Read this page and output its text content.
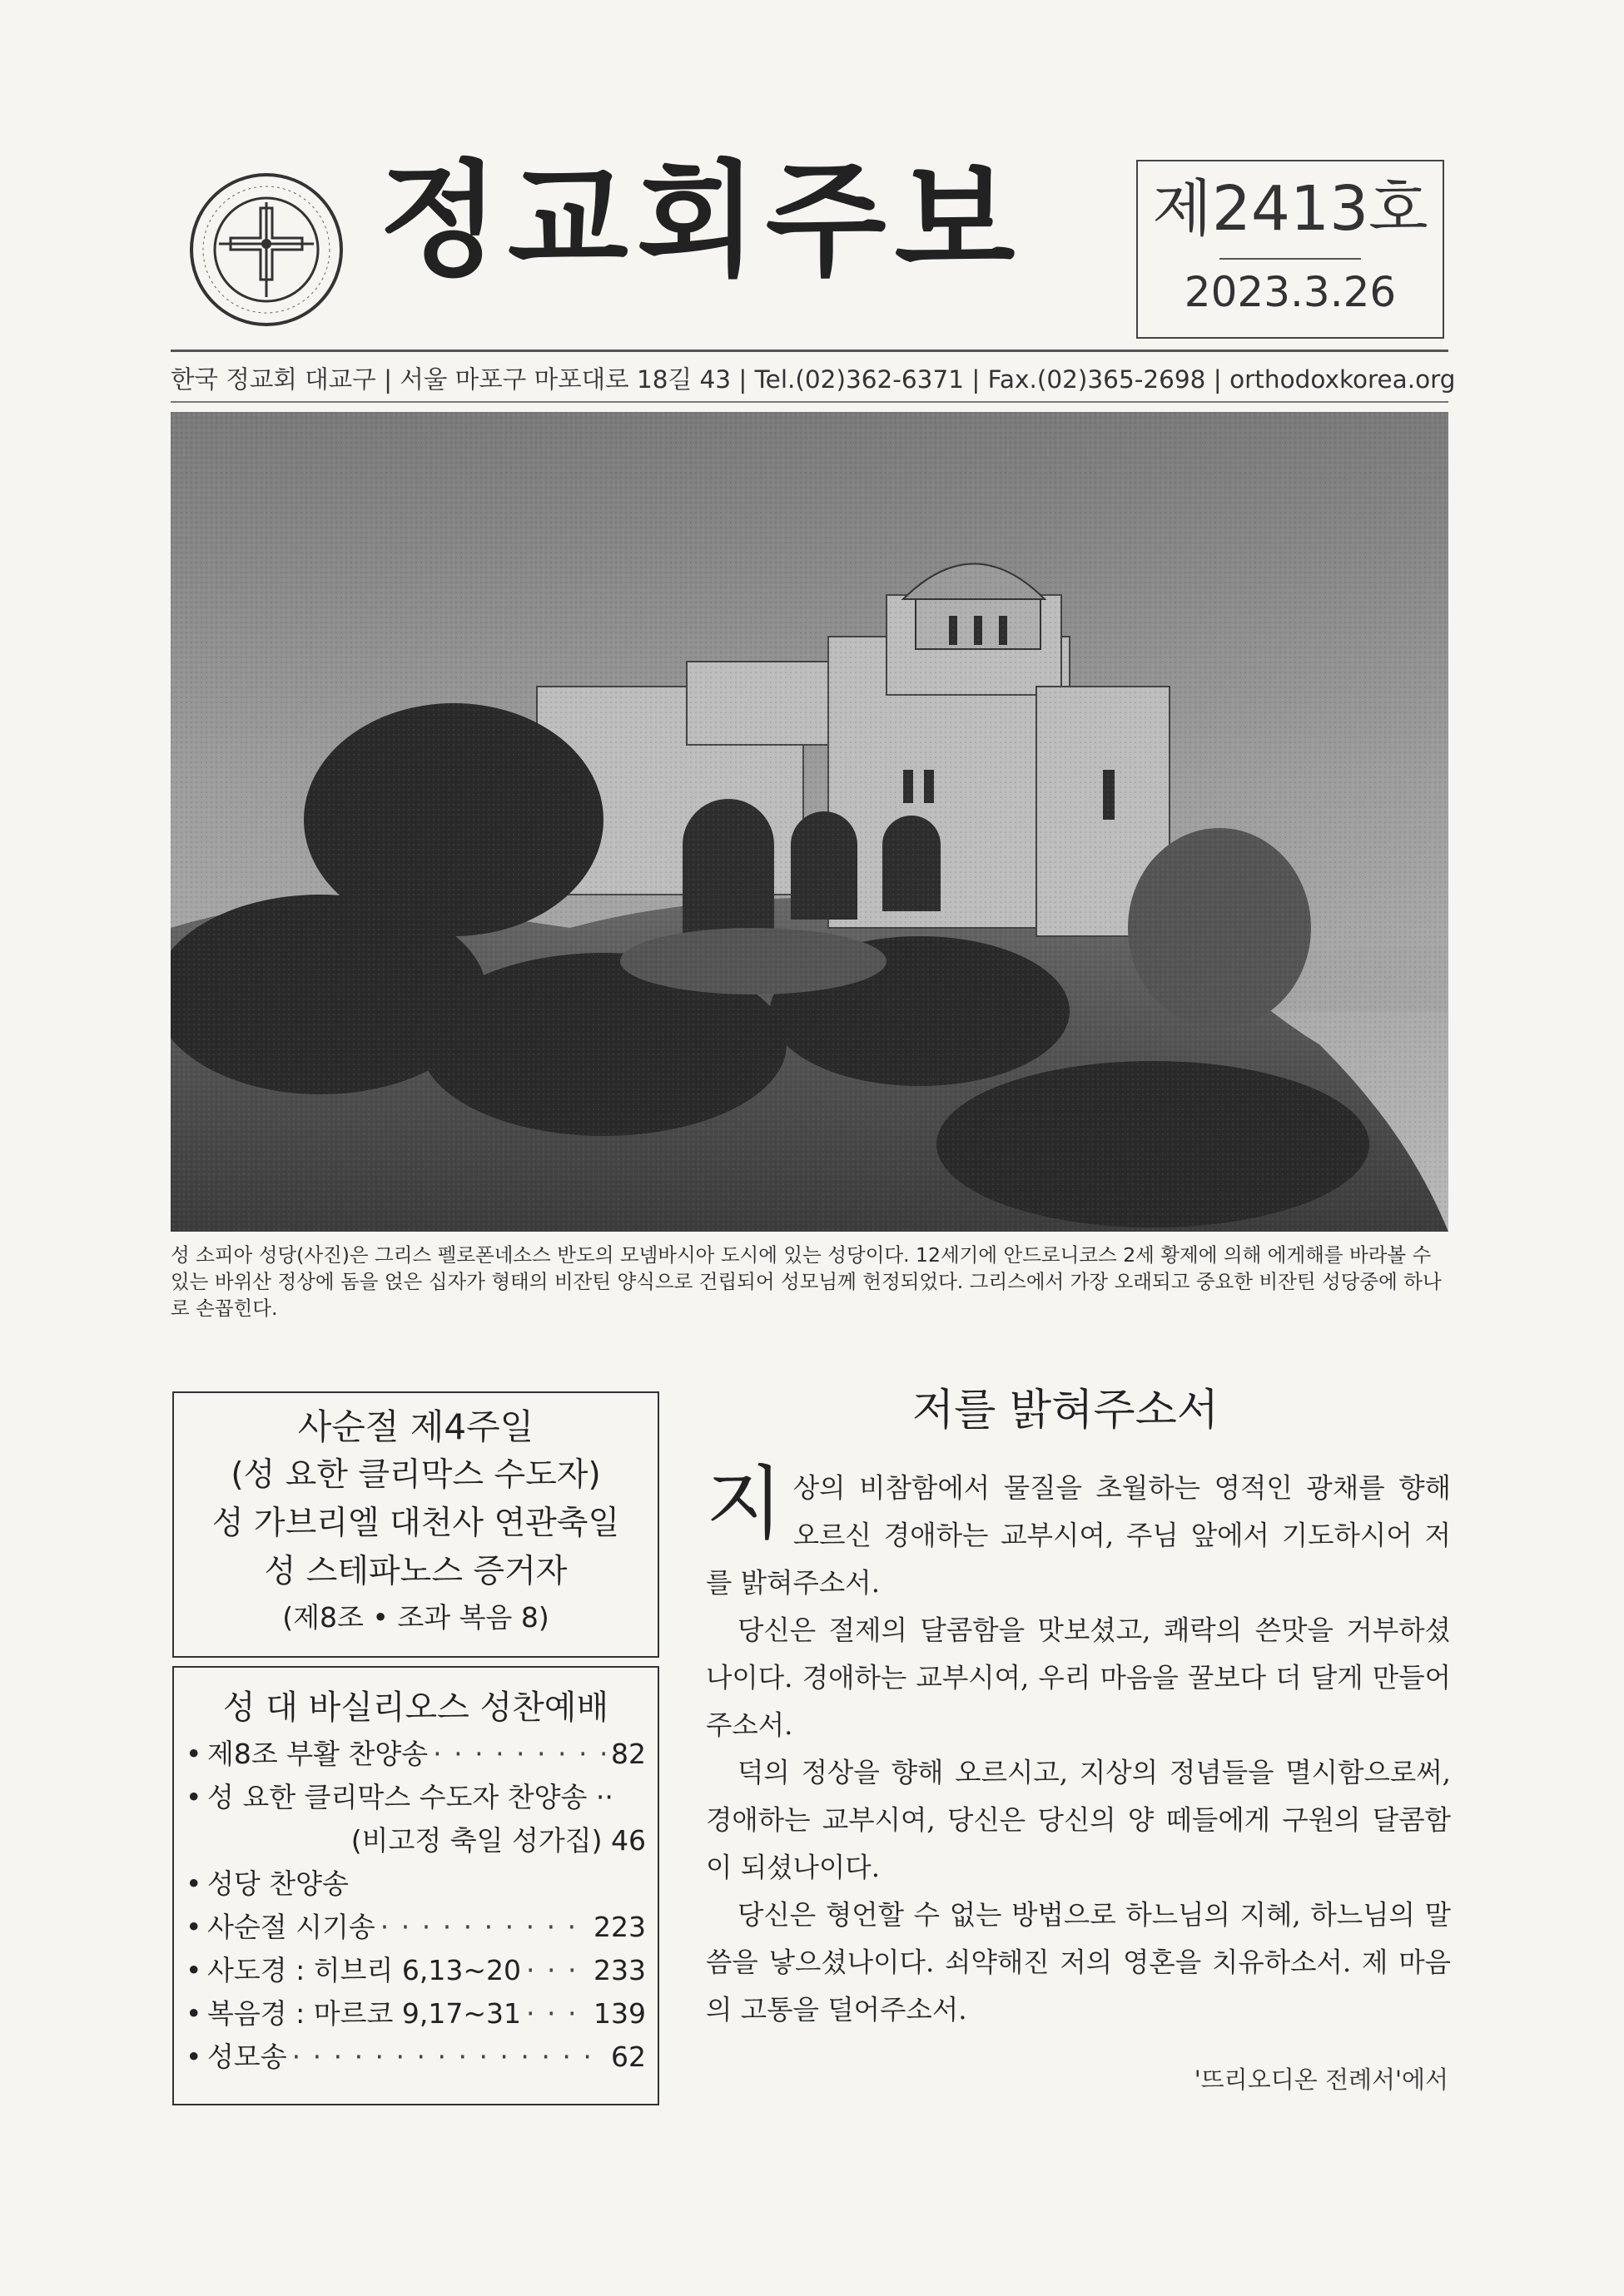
정교회주보 제2413호
2023.3.26
한국 정교회 대교구 | 서울 마포구 마포대로 18길 43 | Tel.(02)362-6371 | Fax.(02)365-2698 | orthodoxkorea.org
성 소피아 성당(사진)은 그리스 펠로폰네소스 반도의 모넴바시아 도시에 있는 성당이다. 12세기에 안드로니코스 2세 황제에 의해 에게해를 바라볼 수 있는 바위산 정상에 돔을 얹은 십자가 형태의 비잔틴 양식으로 건립되어 성모님께 헌정되었다. 그리스에서 가장 오래되고 중요한 비잔틴 성당중에 하나로 손꼽힌다.
사순절 제4주일
(성 요한 클리막스 수도자)
성 가브리엘 대천사 연관축일
성 스테파노스 증거자
(제8조 • 조과 복음 8)
성 대 바실리오스 성찬예배
• 제8조 부활 찬양송 · · ·	82
• 성 요한 클리막스 수도자 찬양송 ··
(비고정 축일 성가집) 46
• 성당 찬양송
• 사순절 시기송 · · ·	223
• 사도경 : 히브리 6,13~20 · · ·	233
• 복음경 : 마르코 9,17~31 · · ·	139
• 성모송 · · ·	62
저를 밝혀주소서

지상의 비참함에서 물질을 초월하는 영적인 광채를 향해 오르신 경애하는 교부시여, 주님 앞에서 기도하시어 저를 밝혀주소서.

당신은 절제의 달콤함을 맛보셨고, 쾌락의 쓴맛을 거부하셨나이다. 경애하는 교부시여, 우리 마음을 꿀보다 더 달게 만들어 주소서.

덕의 정상을 향해 오르시고, 지상의 정념들을 멸시함으로써, 경애하는 교부시여, 당신은 당신의 양 떼들에게 구원의 달콤함이 되셨나이다.

당신은 형언할 수 없는 방법으로 하느님의 지혜, 하느님의 말씀을 낳으셨나이다. 쇠약해진 저의 영혼을 치유하소서. 제 마음의 고통을 덜어주소서.

'뜨리오디온 전례서'에서
